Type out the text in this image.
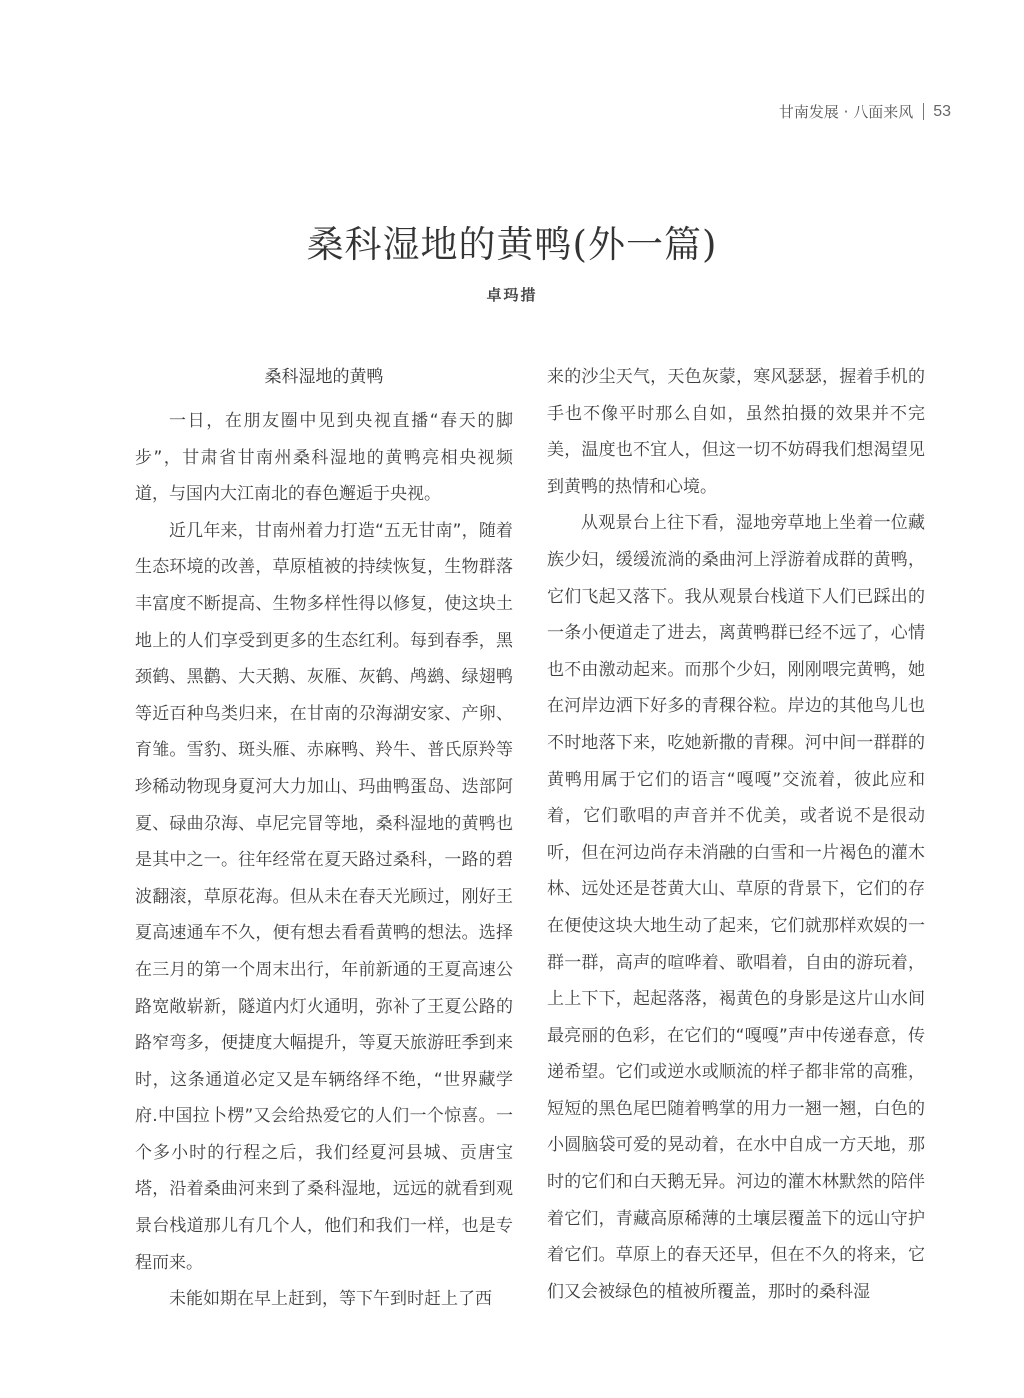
甘南发展 · 八面来风 53
桑科湿地的黄鸭(外一篇)
卓玛措
桑科湿地的黄鸭

一日，在朋友圈中见到央视直播“春天的脚步”，甘肃省甘南州桑科湿地的黄鸭亮相央视频道，与国内大江南北的春色邂逅于央视。

近几年来，甘南州着力打造“五无甘南”，随着生态环境的改善，草原植被的持续恢复，生物群落丰富度不断提高、生物多样性得以修复，使这块土地上的人们享受到更多的生态红利。每到春季，黑颈鹤、黑鹳、大天鹅、灰雁、灰鹤、鸬鹚、绿翅鸭等近百种鸟类归来，在甘南的尕海湖安家、产卵、育雏。雪豹、斑头雁、赤麻鸭、羚牛、普氏原羚等珍稀动物现身夏河大力加山、玛曲鸭蛋岛、迭部阿夏、碌曲尕海、卓尼完冒等地，桑科湿地的黄鸭也是其中之一。往年经常在夏天路过桑科，一路的碧波翻滚，草原花海。但从未在春天光顾过，刚好王夏高速通车不久，便有想去看看黄鸭的想法。选择在三月的第一个周末出行，年前新通的王夏高速公路宽敞崭新，隧道内灯火通明，弥补了王夏公路的路窄弯多，便捷度大幅提升，等夏天旅游旺季到来时，这条通道必定又是车辆络绎不绝，“世界藏学府.中国拉卜楞”又会给热爱它的人们一个惊喜。一个多小时的行程之后，我们经夏河县城、贡唐宝塔，沿着桑曲河来到了桑科湿地，远远的就看到观景台栈道那儿有几个人，他们和我们一样，也是专程而来。

未能如期在早上赶到，等下午到时赶上了西

来的沙尘天气，天色灰蒙，寒风瑟瑟，握着手机的手也不像平时那么自如，虽然拍摄的效果并不完美，温度也不宜人，但这一切不妨碍我们想渴望见到黄鸭的热情和心境。

从观景台上往下看，湿地旁草地上坐着一位藏族少妇，缓缓流淌的桑曲河上浮游着成群的黄鸭，它们飞起又落下。我从观景台栈道下人们已踩出的一条小便道走了进去，离黄鸭群已经不远了，心情也不由激动起来。而那个少妇，刚刚喂完黄鸭，她在河岸边洒下好多的青稞谷粒。岸边的其他鸟儿也不时地落下来，吃她新撒的青稞。河中间一群群的黄鸭用属于它们的语言“嘎嘎”交流着，彼此应和着，它们歌唱的声音并不优美，或者说不是很动听，但在河边尚存未消融的白雪和一片褐色的灌木林、远处还是苍黄大山、草原的背景下，它们的存在便使这块大地生动了起来，它们就那样欢娱的一群一群，高声的喧哗着、歌唱着，自由的游玩着，上上下下，起起落落，褐黄色的身影是这片山水间最亮丽的色彩，在它们的“嘎嘎”声中传递春意，传递希望。它们或逆水或顺流的样子都非常的高雅，短短的黑色尾巴随着鸭掌的用力一翘一翘，白色的小圆脑袋可爱的晃动着，在水中自成一方天地，那时的它们和白天鹅无异。河边的灌木林默然的陪伴着它们，青藏高原稀薄的土壤层覆盖下的远山守护着它们。草原上的春天还早，但在不久的将来，它们又会被绿色的植被所覆盖，那时的桑科湿
